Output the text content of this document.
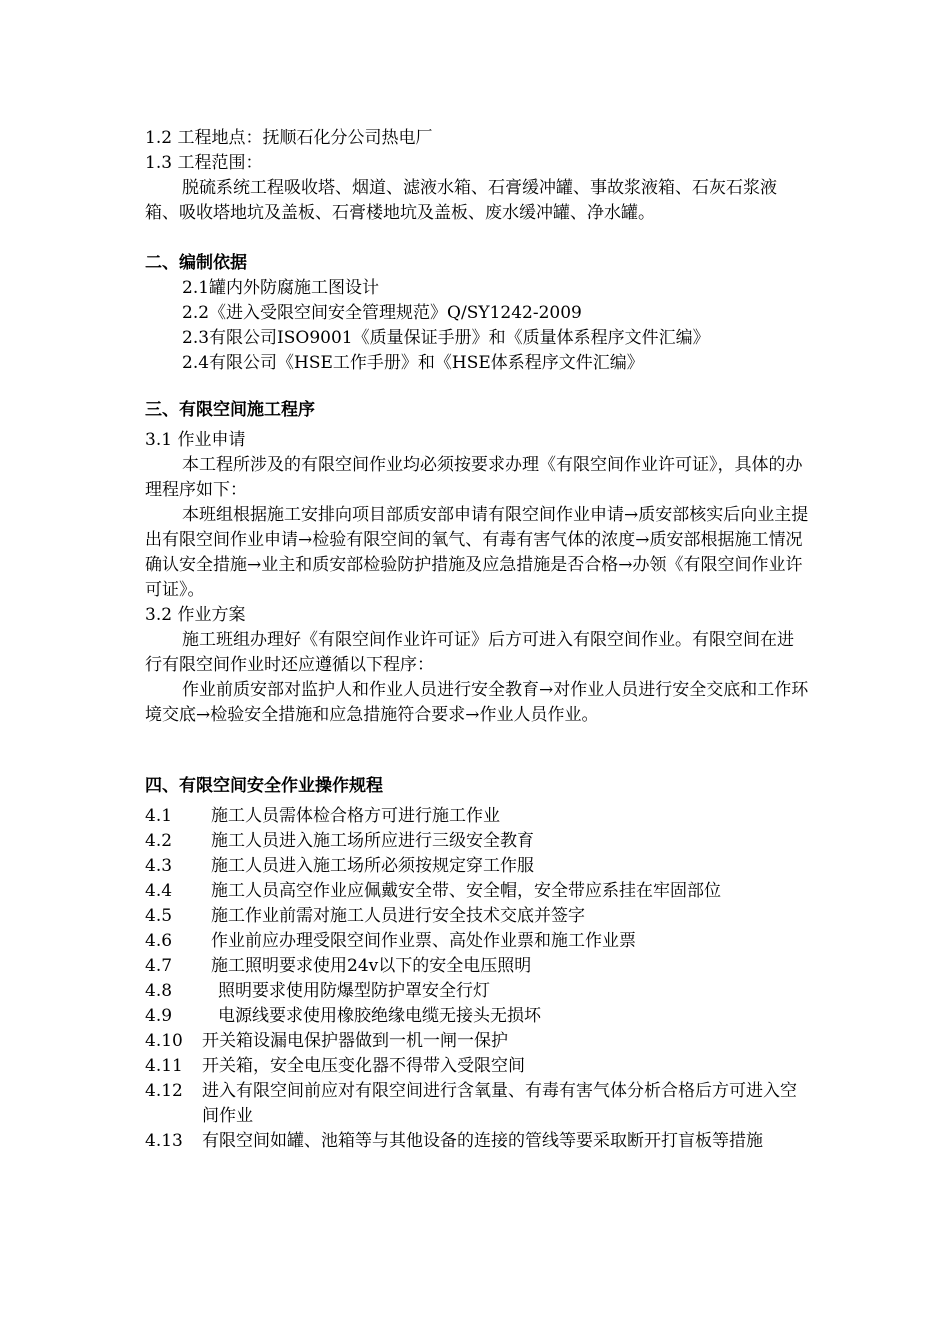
1.2 工程地点：抚顺石化分公司热电厂
1.3 工程范围：
脱硫系统工程吸收塔、烟道、滤液水箱、石膏缓冲罐、事故浆液箱、石灰石浆液箱、吸收塔地坑及盖板、石膏楼地坑及盖板、废水缓冲罐、净水罐。
二、编制依据
2.1罐内外防腐施工图设计
2.2《进入受限空间安全管理规范》Q/SY1242-2009
2.3有限公司ISO9001《质量保证手册》和《质量体系程序文件汇编》
2.4有限公司《HSE工作手册》和《HSE体系程序文件汇编》
三、有限空间施工程序
3.1 作业申请
本工程所涉及的有限空间作业均必须按要求办理《有限空间作业许可证》，具体的办理程序如下：
本班组根据施工安排向项目部质安部申请有限空间作业申请→质安部核实后向业主提出有限空间作业申请→检验有限空间的氧气、有毒有害气体的浓度→质安部根据施工情况确认安全措施→业主和质安部检验防护措施及应急措施是否合格→办领《有限空间作业许可证》。
3.2 作业方案
施工班组办理好《有限空间作业许可证》后方可进入有限空间作业。有限空间在进行有限空间作业时还应遵循以下程序：
作业前质安部对监护人和作业人员进行安全教育→对作业人员进行安全交底和工作环境交底→检验安全措施和应急措施符合要求→作业人员作业。
四、有限空间安全作业操作规程
4.1	施工人员需体检合格方可进行施工作业
4.2	施工人员进入施工场所应进行三级安全教育
4.3	施工人员进入施工场所必须按规定穿工作服
4.4	施工人员高空作业应佩戴安全带、安全帽，安全带应系挂在牢固部位
4.5	施工作业前需对施工人员进行安全技术交底并签字
4.6	作业前应办理受限空间作业票、高处作业票和施工作业票
4.7	施工照明要求使用24v以下的安全电压照明
4.8	照明要求使用防爆型防护罩安全行灯
4.9	电源线要求使用橡胶绝缘电缆无接头无损坏
4.10	开关箱设漏电保护器做到一机一闸一保护
4.11	开关箱，安全电压变化器不得带入受限空间
4.12	进入有限空间前应对有限空间进行含氧量、有毒有害气体分析合格后方可进入空间作业
4.13	有限空间如罐、池箱等与其他设备的连接的管线等要采取断开打盲板等措施
